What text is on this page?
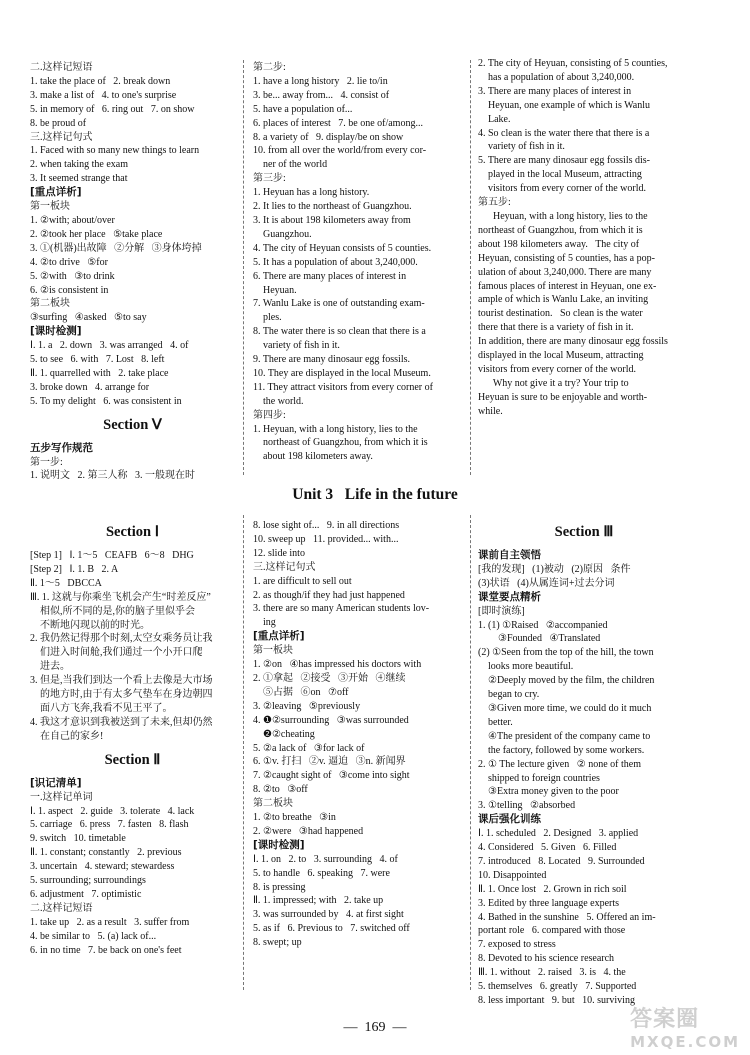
二.这样记短语
1. take the place of   2. break down
3. make a list of   4. to one's surprise
5. in memory of   6. ring out   7. on show
8. be proud of
三.这样记句式
1. Faced with so many new things to learn
2. when taking the exam
3. It seemed strange that
[重点详析]
第一板块
1. ②with; about/over
2. ②took her place   ⑤take place
3. ①(机器)出故障   ②分解   ③身体垮掉
4. ②to drive   ⑤for
5. ②with   ③to drink
6. ②is consistent in
第二板块
③surfing   ④asked   ⑤to say
[课时检测]
Ⅰ. 1. a   2. down   3. was arranged   4. of
5. to see   6. with   7. Lost   8. left
Ⅱ. 1. quarrelled with   2. take place
3. broke down   4. arrange for
5. To my delight   6. was consistent in
Section Ⅴ
五步写作规范
第一步:
1. 说明文   2. 第三人称   3. 一般现在时
第二步:
1. have a long history   2. lie to/in
3. be... away from...   4. consist of
5. have a population of...
6. places of interest   7. be one of/among...
8. a variety of   9. display/be on show
10. from all over the world/from every cor-
ner of the world
第三步:
1. Heyuan has a long history.
2. It lies to the northeast of Guangzhou.
3. It is about 198 kilometers away from
Guangzhou.
4. The city of Heyuan consists of 5 counties.
5. It has a population of about 3,240,000.
6. There are many places of interest in
Heyuan.
7. Wanlu Lake is one of outstanding exam-
ples.
8. The water there is so clean that there is a
variety of fish in it.
9. There are many dinosaur egg fossils.
10. They are displayed in the local Museum.
11. They attract visitors from every corner of
the world.
第四步:
1. Heyuan, with a long history, lies to the
northeast of Guangzhou, from which it is
about 198 kilometers away.
2. The city of Heyuan, consisting of 5 counties,
has a population of about 3,240,000.
3. There are many places of interest in
Heyuan, one example of which is Wanlu
Lake.
4. So clean is the water there that there is a
variety of fish in it.
5. There are many dinosaur egg fossils dis-
played in the local Museum, attracting
visitors from every corner of the world.
第五步:
Heyuan, with a long history, lies to the
northeast of Guangzhou, from which it is
about 198 kilometers away.   The city of
Heyuan, consisting of 5 counties, has a pop-
ulation of about 3,240,000. There are many
famous places of interest in Heyuan, one ex-
ample of which is Wanlu Lake, an inviting
tourist destination.   So clean is the water
there that there is a variety of fish in it.
In addition, there are many dinosaur egg fossils
displayed in the local Museum, attracting
visitors from every corner of the world.
Why not give it a try? Your trip to
Heyuan is sure to be enjoyable and worth-
while.
Unit 3   Life in the future
Section Ⅰ
[Step 1]   Ⅰ. 1～5   CEAFB   6～8   DHG
[Step 2]   Ⅰ. 1. B   2. A
Ⅱ. 1～5   DBCCA
Ⅲ. 1. 这就与你乘坐飞机会产生“时差反应”
相似,所不同的是,你的脑子里似乎会
不断地闪现以前的时光。
2. 我仍然记得那个时刻,太空女乘务员让我
们进入时间舱,我们通过一个小开口爬
进去。
3. 但是,当我们到达一个看上去像是大市场
的地方时,由于有太多气垫车在身边朝四
面八方飞奔,我看不见王平了。
4. 我这才意识到我被送到了未来,但却仍然
在自己的家乡!
Section Ⅱ
[识记清单]
一.这样记单词
Ⅰ. 1. aspect   2. guide   3. tolerate   4. lack
5. carriage   6. press   7. fasten   8. flash
9. switch   10. timetable
Ⅱ. 1. constant; constantly   2. previous
3. uncertain   4. steward; stewardess
5. surrounding; surroundings
6. adjustment   7. optimistic
二.这样记短语
1. take up   2. as a result   3. suffer from
4. be similar to   5. (a) lack of...
6. in no time   7. be back on one's feet
8. lose sight of...   9. in all directions
10. sweep up   11. provided... with...
12. slide into
三.这样记句式
1. are difficult to sell out
2. as though/if they had just happened
3. there are so many American students lov-
ing
[重点详析]
第一板块
1. ②on   ④has impressed his doctors with
2. ①拿起   ②接受   ③开始   ④继续
⑤占据   ⑥on   ⑦off
3. ②leaving   ⑤previously
4. ❶②surrounding   ③was surrounded
❷②cheating
5. ②a lack of   ③for lack of
6. ①v. 打扫   ②v. 逼迫   ③n. 新闻界
7. ②caught sight of   ③come into sight
8. ②to   ③off
第二板块
1. ②to breathe   ③in
2. ②were   ③had happened
[课时检测]
Ⅰ. 1. on   2. to   3. surrounding   4. of
5. to handle   6. speaking   7. were
8. is pressing
Ⅱ. 1. impressed; with   2. take up
3. was surrounded by   4. at first sight
5. as if   6. Previous to   7. switched off
8. swept; up
Section Ⅲ
课前自主领悟
[我的发现]   (1)被动   (2)原因   条件
(3)状语   (4)从属连词+过去分词
课堂要点精析
[即时演练]
1. (1) ①Raised   ②accompanied
③Founded   ④Translated
(2) ①Seen from the top of the hill, the town
looks more beautiful.
②Deeply moved by the film, the children
began to cry.
③Given more time, we could do it much
better.
④The president of the company came to
the factory, followed by some workers.
2. ① The lecture given   ② none of them
shipped to foreign countries
③Extra money given to the poor
3. ①telling   ②absorbed
课后强化训练
Ⅰ. 1. scheduled   2. Designed   3. applied
4. Considered   5. Given   6. Filled
7. introduced   8. Located   9. Surrounded
10. Disappointed
Ⅱ. 1. Once lost   2. Grown in rich soil
3. Edited by three language experts
4. Bathed in the sunshine   5. Offered an im-
portant role   6. compared with those
7. exposed to stress
8. Devoted to his science research
Ⅲ. 1. without   2. raised   3. is   4. the
5. themselves   6. greatly   7. Supported
8. less important   9. but   10. surviving
—  169  —	答案圈
MXQE.COM
